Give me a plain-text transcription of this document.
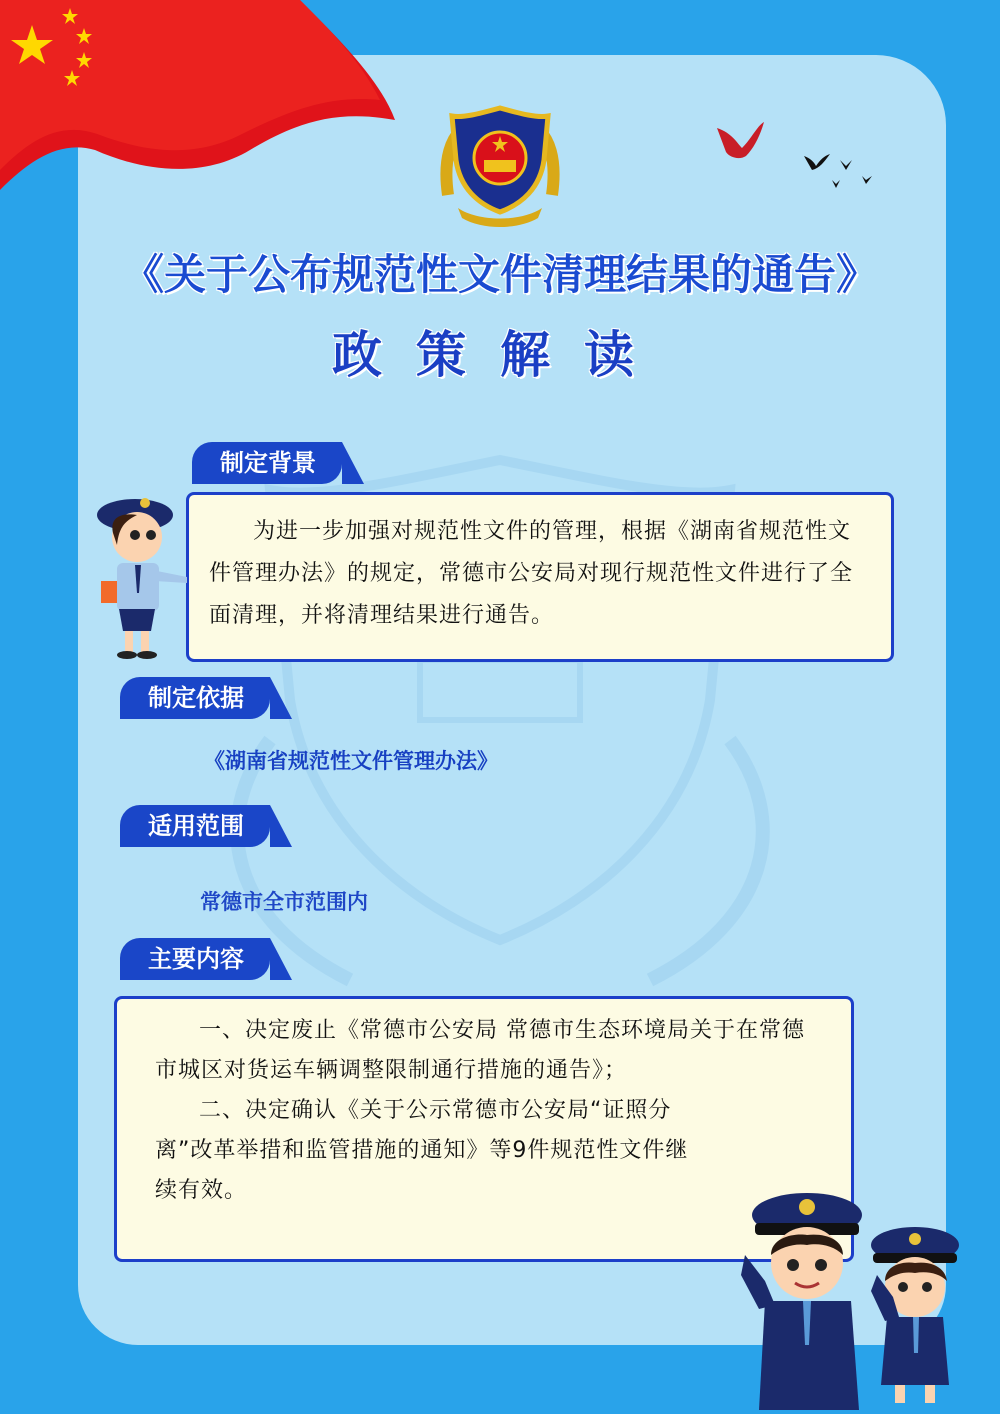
《关于公布规范性文件清理结果的通告》
政策解读
制定背景

为进一步加强对规范性文件的管理，根据《湖南省规范性文件管理办法》的规定，常德市公安局对现行规范性文件进行了全面清理，并将清理结果进行通告。

制定依据
《湖南省规范性文件管理办法》
适用范围
常德市全市范围内
主要内容

一、决定废止《常德市公安局 常德市生态环境局关于在常德市城区对货运车辆调整限制通行措施的通告》；

二、决定确认《关于公示常德市公安局“证照分离”改革举措和监管措施的通知》等9件规范性文件继续有效。
